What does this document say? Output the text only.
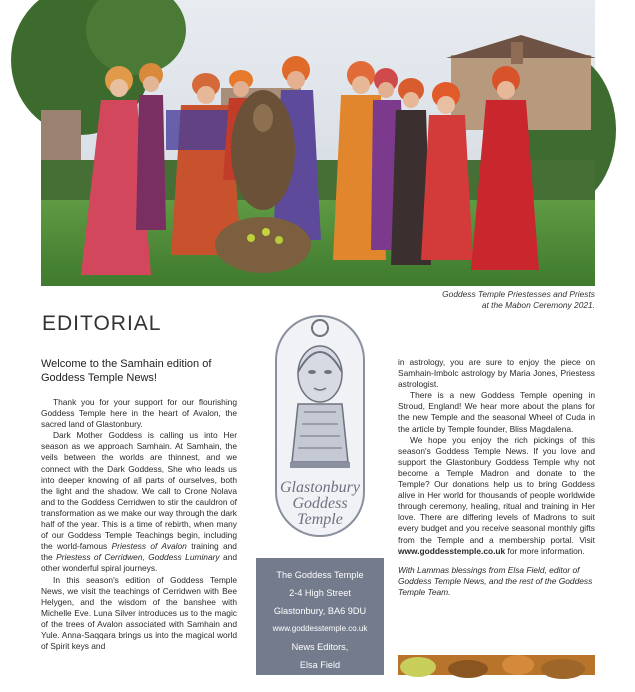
Goddess Temple Priestesses and Priests
at the Mabon Ceremony 2021.
EDITORIAL
Welcome to the Samhain edition of Goddess Temple News!

Thank you for your support for our flourishing Goddess Temple here in the heart of Avalon, the sacred land of Glastonbury.

Dark Mother Goddess is calling us into Her season as we approach Samhain. At Samhain, the veils between the worlds are thinnest, and we connect with the Dark Goddess, She who leads us into deeper knowing of all parts of ourselves, both the light and the shadow. We call to Crone Nolava and to the Goddess Cerridwen to stir the cauldron of transformation as we make our way through the dark half of the year. This is a time of rebirth, when many of our Goddess Temple Teachings begin, including the world-famous Priestess of Avalon training and the Priestess of Cerridwen, Goddess Luminary and other wonderful spiral journeys.

In this season's edition of Goddess Temple News, we visit the teachings of Cerridwen with Bee Helygen, and the wisdom of the banshee with Michelle Eve. Luna Silver introduces us to the magic of the trees of Avalon associated with Samhain and Yule. Anna-Saqqara brings us into the magical world of Spirit keys and

Glastonbury
Goddess
Temple
The Goddess Temple
2-4 High Street
Glastonbury, BA6 9DU
www.goddesstemple.co.uk
News Editors,
Elsa Field
LStorie F...

in astrology, you are sure to enjoy the piece on Samhain-Imbolc astrology by Maria Jones, Priestess astrologist.

There is a new Goddess Temple opening in Stroud, England! We hear more about the plans for the new Temple and the seasonal Wheel of Cuda in the article by Temple founder, Bliss Magdalena.

We hope you enjoy the rich pickings of this season's Goddess Temple News. If you love and support the Glastonbury Goddess Temple why not become a Temple Madron and donate to the Temple? Our donations help us to bring Goddess alive in Her world for thousands of people worldwide through ceremony, healing, ritual and training in Her love. There are differing levels of Madrons to suit every budget and you receive seasonal monthly gifts from the Temple and a membership portal. Visit www.goddesstemple.co.uk for more information.

With Lammas blessings from Elsa Field, editor of Goddess Temple News, and the rest of the Goddess Temple Team.
